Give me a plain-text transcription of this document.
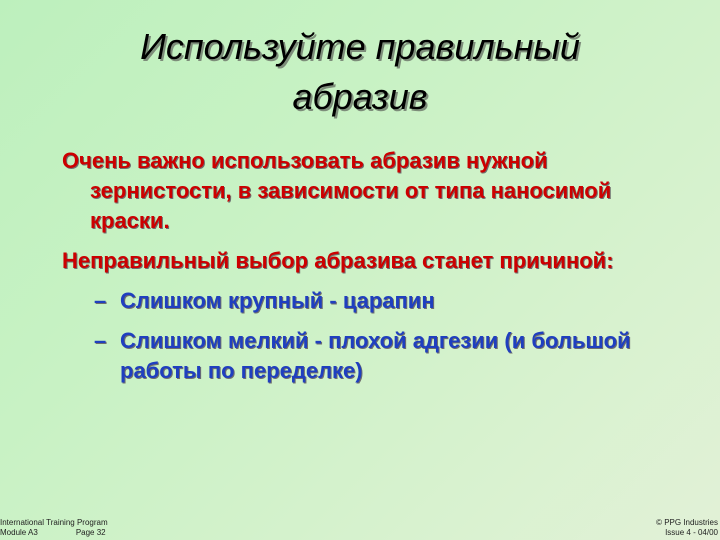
Используйте правильный
абразив
Очень важно использовать абразив нужной зернистости, в зависимости от типа наносимой краски.
Неправильный выбор абразива станет причиной:
– Слишком крупный - царапин
– Слишком мелкий - плохой адгезии (и большой работы по переделке)
International Training Program
Module A3	Page 32
© PPG Industries
Issue 4 - 04/00
